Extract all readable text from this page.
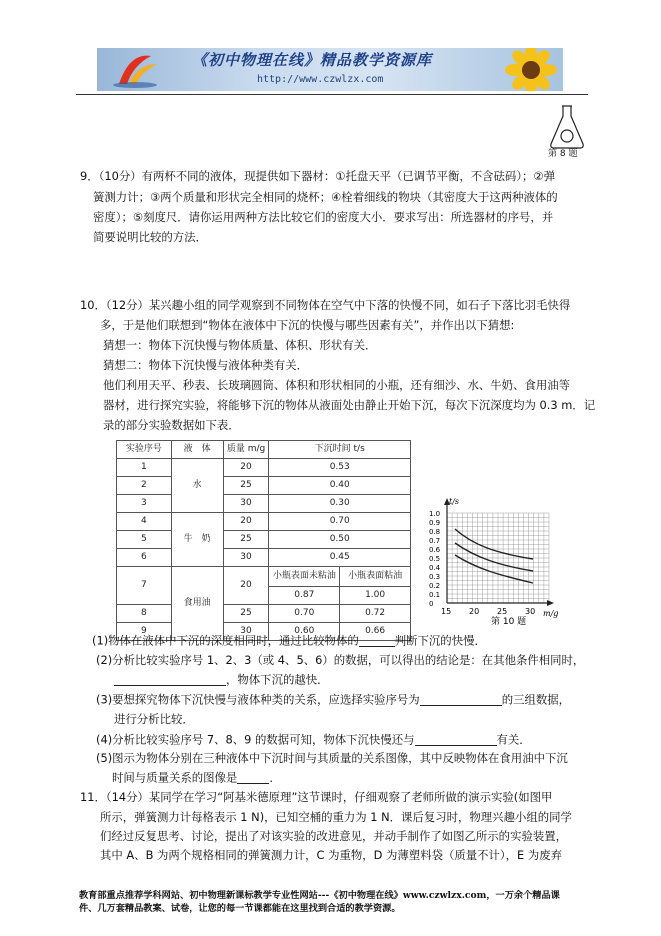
《初中物理在线》精品教学资源库
http://www.czwlzx.com
第 8 题
9．（10分）有两杯不同的液体，现提供如下器材：①托盘天平（已调节平衡，不含砝码）；②弹
簧测力计；③两个质量和形状完全相同的烧杯；④栓着细线的物块（其密度大于这两种液体的
密度）；⑤刻度尺．请你运用两种方法比较它们的密度大小．要求写出：所选器材的序号，并
简要说明比较的方法．
10．（12分）某兴趣小组的同学观察到不同物体在空气中下落的快慢不同，如石子下落比羽毛快得
多，于是他们联想到“物体在液体中下沉的快慢与哪些因素有关”，并作出以下猜想:
猜想一：物体下沉快慢与物体质量、体积、形状有关．
猜想二：物体下沉快慢与液体种类有关．
他们利用天平、秒表、长玻璃圆筒、体积和形状相同的小瓶，还有细沙、水、牛奶、食用油等
器材，进行探究实验，将能够下沉的物体从液面处由静止开始下沉，每次下沉深度均为 0.3 m．记
录的部分实验数据如下表．
实验序号	液　体	质量 m/g	下沉时间 t/s	
1	水	20	0.53	
2		25	0.40	
3		30	0.30	
4	牛　奶	20	0.70	
5		25	0.50	
6		30	0.45	
7	食用油	20	小瓶表面未粘油	小瓶表面粘油
			0.87	1.00
8		25	0.70	0.72
9		30	0.60	0.66
t/s
m/g
1.0
0.9
0.8
0.7
0.6
0.5
0.4
0.3
0.2
0.1
0
15 20 25 30
第 10 题
(1)物体在液体中下沉的深度相同时，通过比较物体的	判断下沉的快慢．
(2)分析比较实验序号 1、2、3（或 4、5、6）的数据，可以得出的结论是：在其他条件相同时，
，物体下沉的越快．
(3)要想探究物体下沉快慢与液体种类的关系，应选择实验序号为	的三组数据，
进行分析比较．
(4)分析比较实验序号 7、8、9 的数据可知，物体下沉快慢还与	有关．
(5)图示为物体分别在三种液体中下沉时间与其质量的关系图像，其中反映物体在食用油中下沉
时间与质量关系的图像是	．
11．（14分）某同学在学习“阿基米德原理”这节课时，仔细观察了老师所做的演示实验(如图甲
所示，弹簧测力计每格表示 1 N)，已知空桶的重力为 1 N．课后复习时，物理兴趣小组的同学
们经过反复思考、讨论，提出了对该实验的改进意见，并动手制作了如图乙所示的实验装置，
其中 A、B 为两个规格相同的弹簧测力计，C 为重物，D 为薄塑料袋（质量不计），E 为废弃
教育部重点推荐学科网站、初中物理新课标教学专业性网站---《初中物理在线》www.czwlzx.com，一万余个精品课
件、几万套精品教案、试卷，让您的每一节课都能在这里找到合适的教学资源。
